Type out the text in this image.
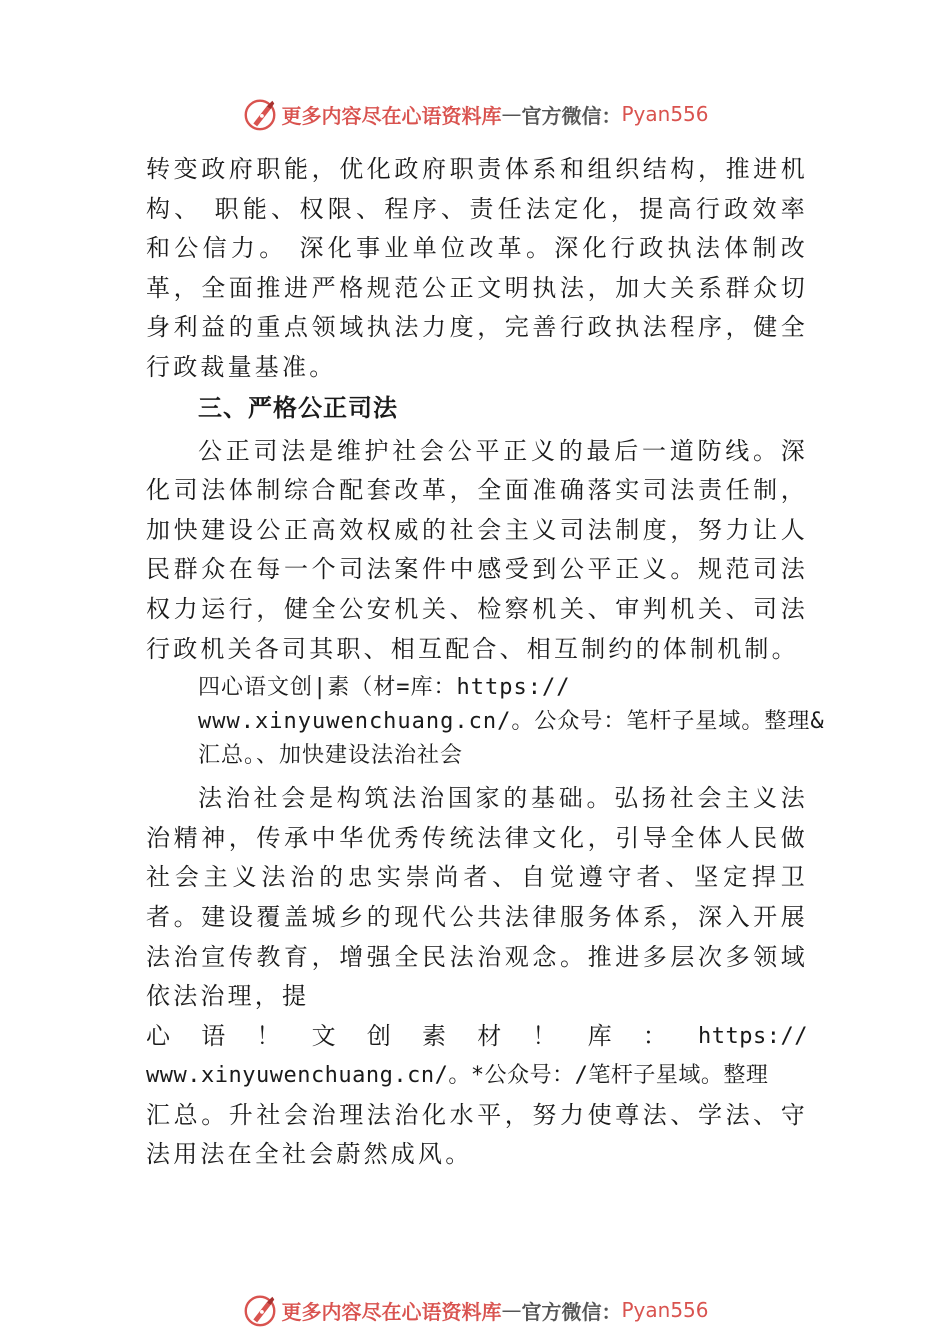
更多内容尽在心语资料库 — 官方微信： Pyan556

转变政府职能，优化政府职责体系和组织结构，推进机构、 职能、权限、程序、责任法定化，提高行政效率和公信力。 深化事业单位改革。深化行政执法体制改革，全面推进严格规范公正文明执法，加大关系群众切身利益的重点领域执法力度，完善行政执法程序，健全行政裁量基准。

三、严格公正司法

公正司法是维护社会公平正义的最后一道防线。深化司法体制综合配套改革，全面准确落实司法责任制，加快建设公正高效权威的社会主义司法制度，努力让人民群众在每一个司法案件中感受到公平正义。规范司法权力运行，健全公安机关、检察机关、审判机关、司法行政机关各司其职、相互配合、相互制约的体制机制。

四心语文创|素（材=库：https://
www.xinyuwenchuang.cn/。公众号：笔杆子星域。整理&
汇总。、加快建设法治社会

法治社会是构筑法治国家的基础。弘扬社会主义法治精神，传承中华优秀传统法律文化，引导全体人民做社会主义法治的忠实崇尚者、自觉遵守者、坚定捍卫者。建设覆盖城乡的现代公共法律服务体系，深入开展法治宣传教育，增强全民法治观念。推进多层次多领域依法治理，提

心 语 ！ 文 创 素 材 ！ 库 ： https://
www.xinyuwenchuang.cn/。*公众号：/笔杆子星域。整理

汇总。升社会治理法治化水平，努力使尊法、学法、守法用法在全社会蔚然成风。

更多内容尽在心语资料库 — 官方微信： Pyan556
